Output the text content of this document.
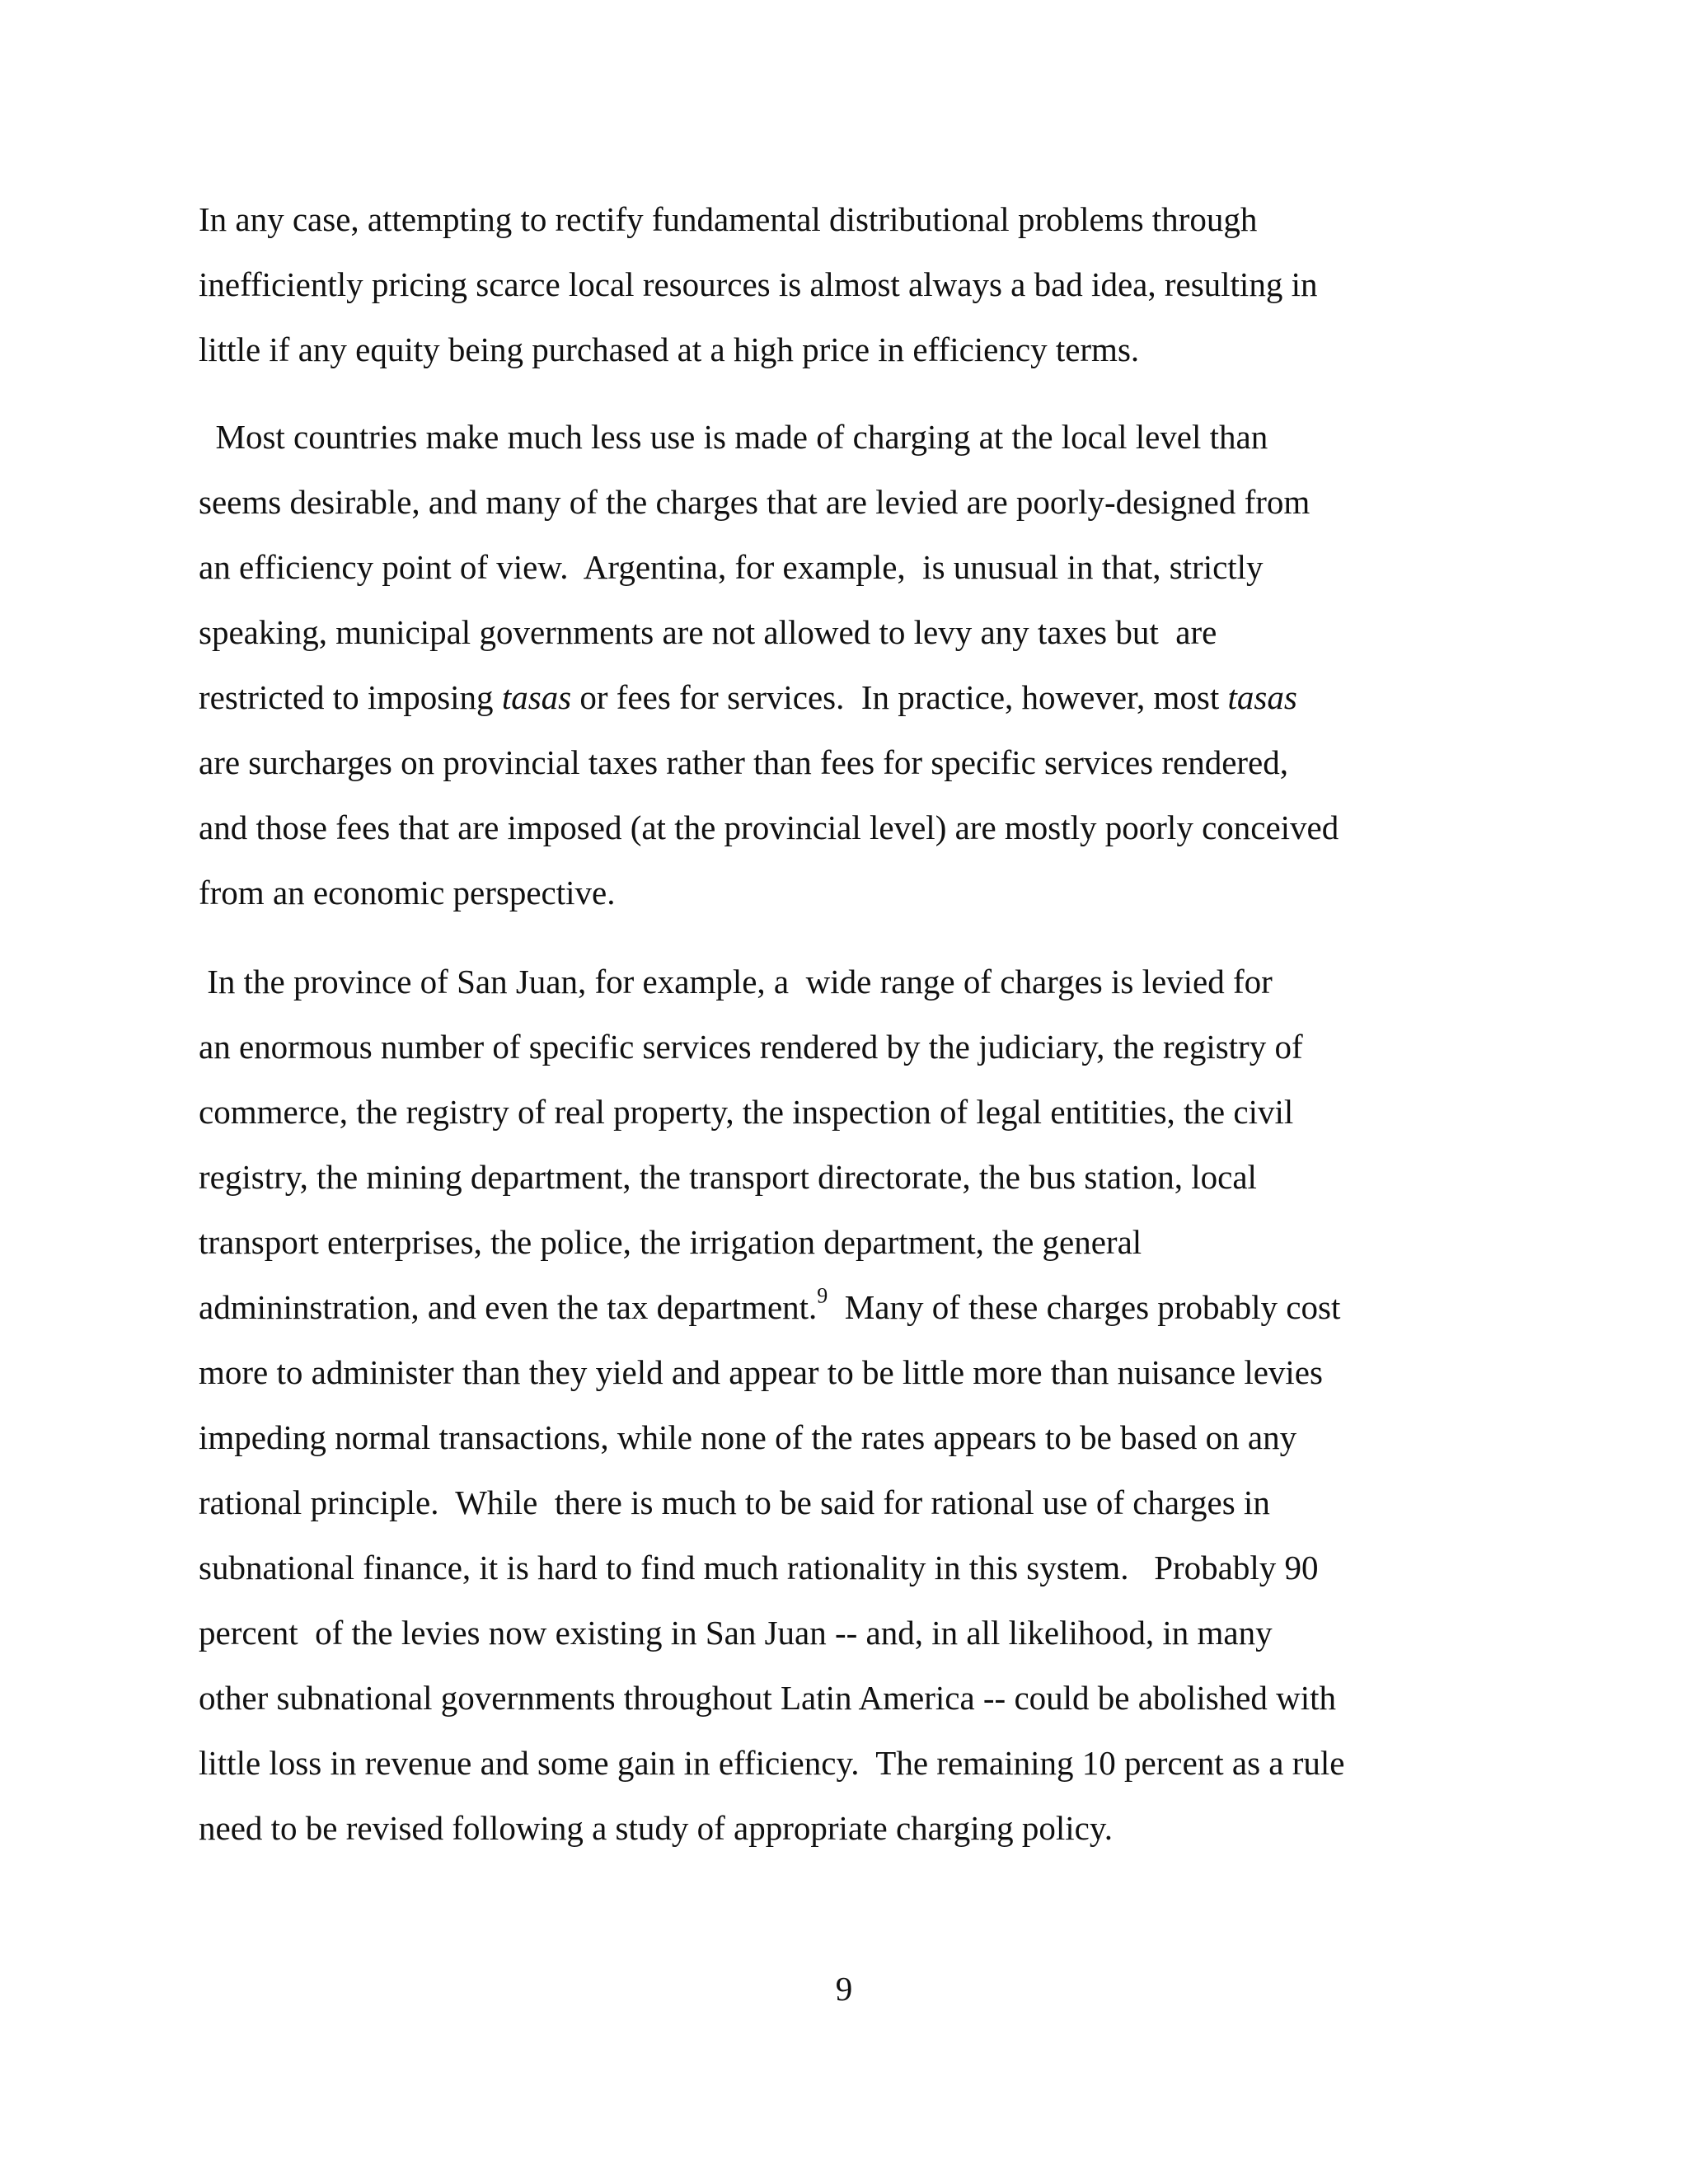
In any case, attempting to rectify fundamental distributional problems through
inefficiently pricing scarce local resources is almost always a bad idea, resulting in
little if any equity being purchased at a high price in efficiency terms.

Most countries make much less use is made of charging at the local level than
seems desirable, and many of the charges that are levied are poorly-designed from
an efficiency point of view.  Argentina, for example,  is unusual in that, strictly
speaking, municipal governments are not allowed to levy any taxes but  are
restricted to imposing tasas or fees for services.  In practice, however, most tasas
are surcharges on provincial taxes rather than fees for specific services rendered,
and those fees that are imposed (at the provincial level) are mostly poorly conceived
from an economic perspective.

In the province of San Juan, for example, a  wide range of charges is levied for
an enormous number of specific services rendered by the judiciary, the registry of
commerce, the registry of real property, the inspection of legal entitities, the civil
registry, the mining department, the transport directorate, the bus station, local
transport enterprises, the police, the irrigation department, the general
admininstration, and even the tax department.$^9$  Many of these charges probably cost
more to administer than they yield and appear to be little more than nuisance levies
impeding normal transactions, while none of the rates appears to be based on any
rational principle.  While  there is much to be said for rational use of charges in
subnational finance, it is hard to find much rationality in this system.   Probably 90
percent  of the levies now existing in San Juan -- and, in all likelihood, in many
other subnational governments throughout Latin America -- could be abolished with
little loss in revenue and some gain in efficiency.  The remaining 10 percent as a rule
need to be revised following a study of appropriate charging policy.

9
